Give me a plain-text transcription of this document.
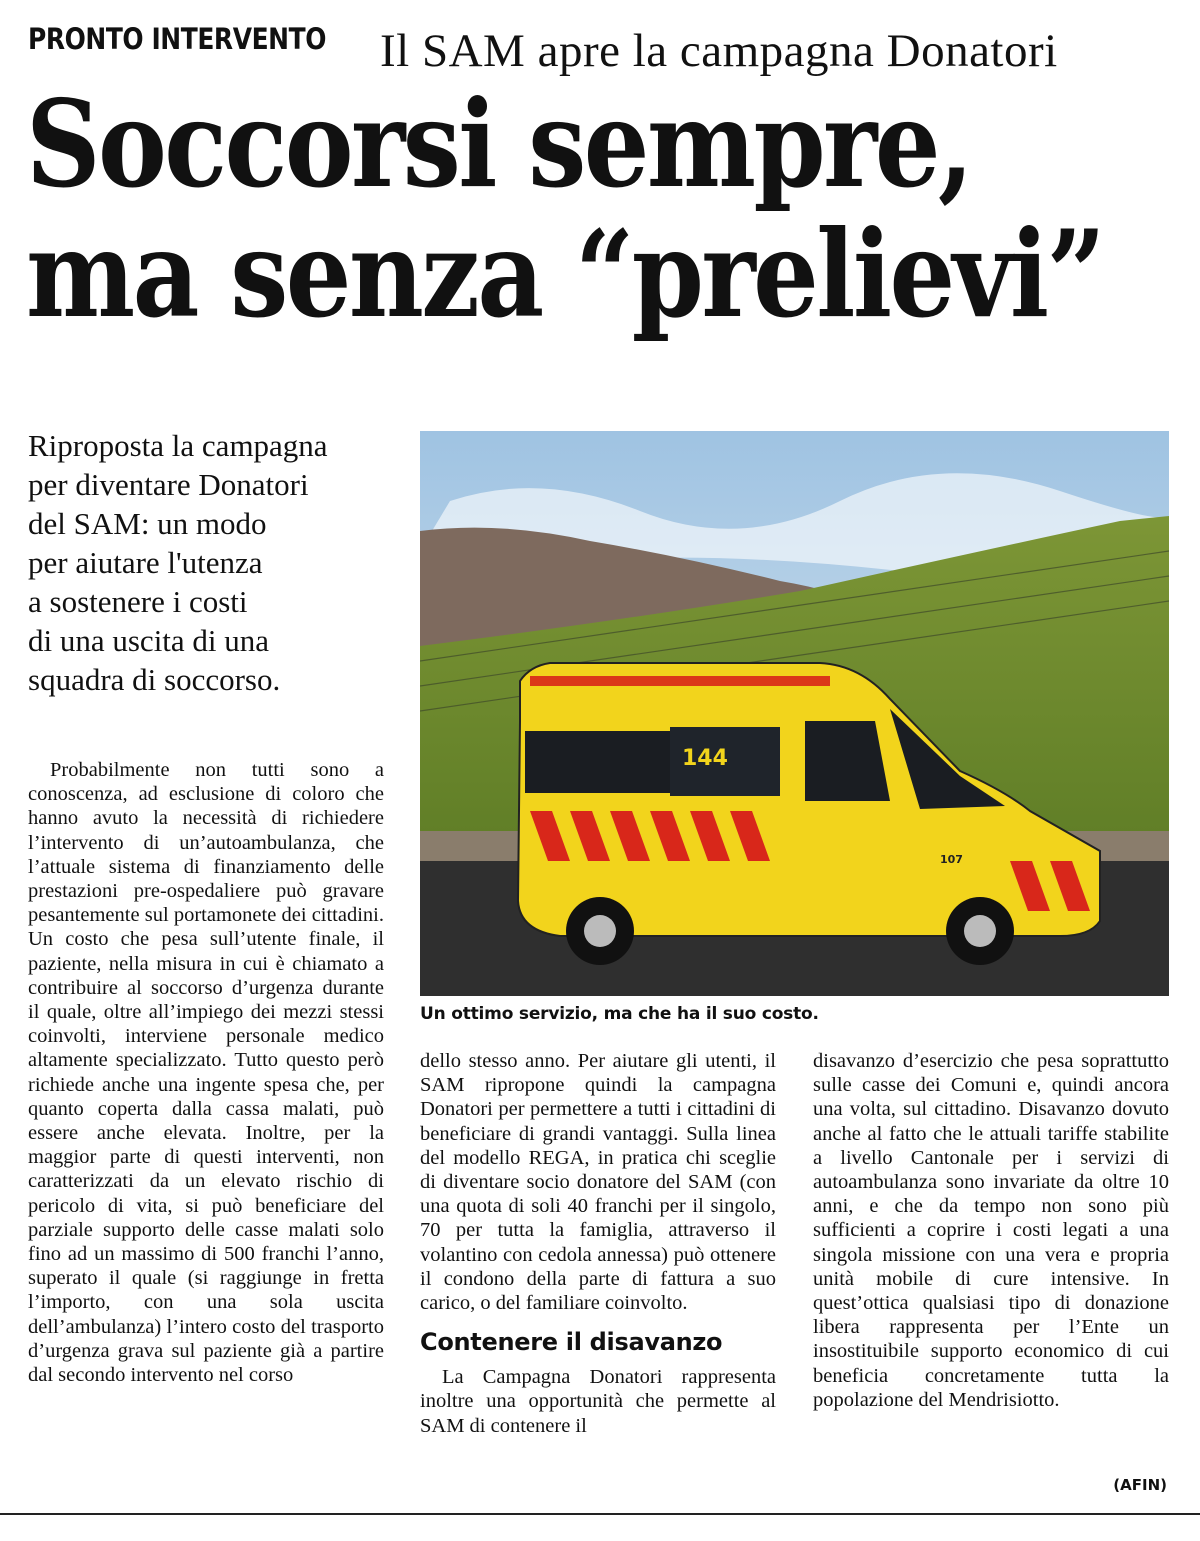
PRONTO INTERVENTO Il SAM apre la campagna Donatori
Soccorsi sempre,
ma senza “prelievi”
Riproposta la campagna
per diventare Donatori
del SAM: un modo
per aiutare l'utenza
a sostenere i costi
di una uscita di una
squadra di soccorso.
144
107
Un ottimo servizio, ma che ha il suo costo.

Probabilmente non tutti sono a conoscenza, ad esclusione di coloro che hanno avuto la necessità di richiedere l’intervento di un’autoambulanza, che l’attuale sistema di finanziamento delle prestazioni pre-ospedaliere può gravare pesantemente sul portamonete dei cittadini. Un costo che pesa sull’utente finale, il paziente, nella misura in cui è chiamato a contribuire al soccorso d’urgenza durante il quale, oltre all’impiego dei mezzi stessi coinvolti, interviene personale medico altamente specializzato. Tutto questo però richiede anche una ingente spesa che, per quanto coperta dalla cassa malati, può essere anche elevata. Inoltre, per la maggior parte di questi interventi, non caratterizzati da un elevato rischio di pericolo di vita, si può beneficiare del parziale supporto delle casse malati solo fino ad un massimo di 500 franchi l’anno, superato il quale (si raggiunge in fretta l’importo, con una sola uscita dell’ambulanza) l’intero costo del trasporto d’urgenza grava sul paziente già a partire dal secondo intervento nel corso

dello stesso anno. Per aiutare gli utenti, il SAM ripropone quindi la campagna Donatori per permettere a tutti i cittadini di beneficiare di grandi vantaggi. Sulla linea del modello REGA, in pratica chi sceglie di diventare socio donatore del SAM (con una quota di soli 40 franchi per il singolo, 70 per tutta la famiglia, attraverso il volantino con cedola annessa) può ottenere il condono della parte di fattura a suo carico, o del familiare coinvolto.

Contenere il disavanzo

La Campagna Donatori rappresenta inoltre una opportunità che permette al SAM di contenere il

disavanzo d’esercizio che pesa soprattutto sulle casse dei Comuni e, quindi ancora una volta, sul cittadino. Disavanzo dovuto anche al fatto che le attuali tariffe stabilite a livello Cantonale per i servizi di autoambulanza sono invariate da oltre 10 anni, e che da tempo non sono più sufficienti a coprire i costi legati a una singola missione con una vera e propria unità mobile di cure intensive. In quest’ottica qualsiasi tipo di donazione libera rappresenta per l’Ente un insostituibile supporto economico di cui beneficia concretamente tutta la popolazione del Mendrisiotto.

(AFIN)
